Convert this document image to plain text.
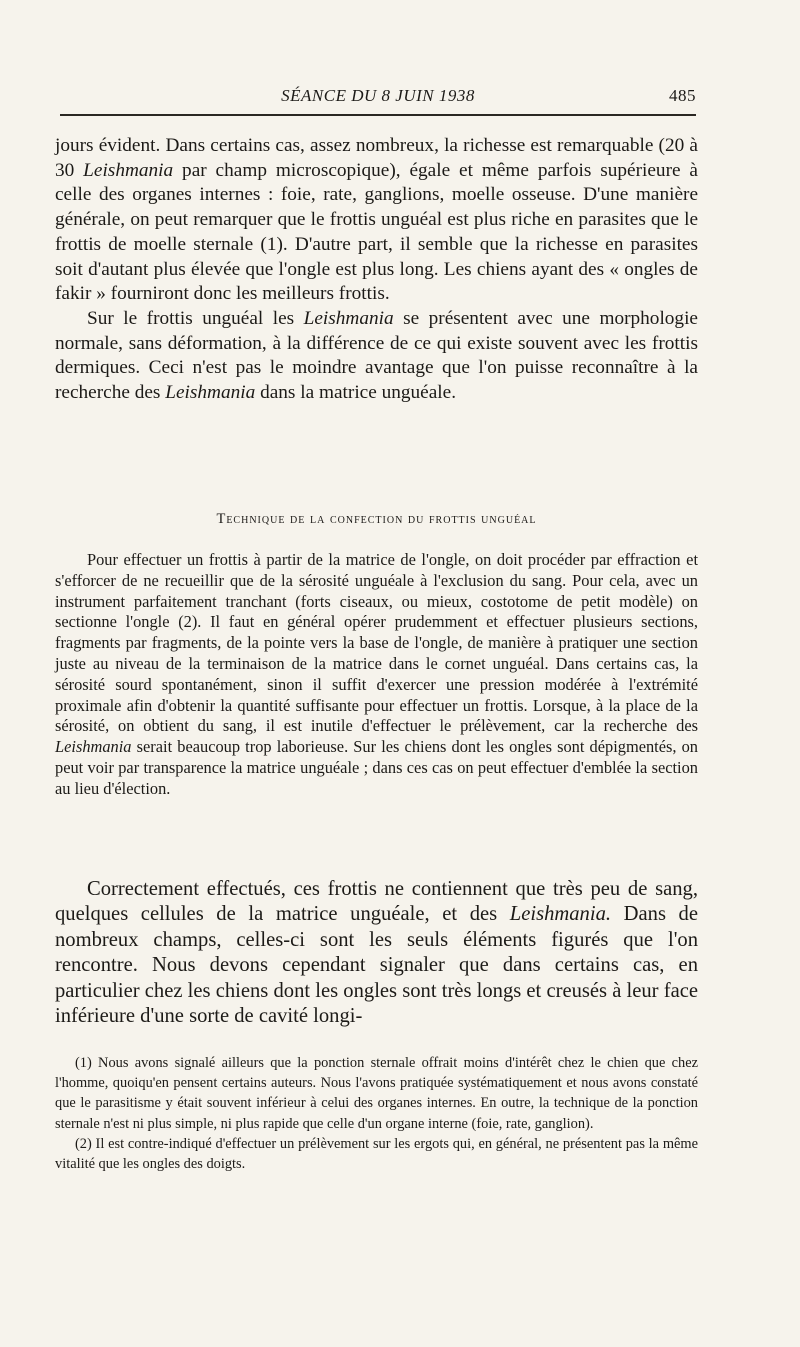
SÉANCE DU 8 JUIN 1938	485

jours évident. Dans certains cas, assez nombreux, la richesse est remarquable (20 à 30 Leishmania par champ microscopique), égale et même parfois supérieure à celle des organes internes : foie, rate, ganglions, moelle osseuse. D'une manière générale, on peut remarquer que le frottis unguéal est plus riche en parasites que le frottis de moelle sternale (1). D'autre part, il semble que la richesse en parasites soit d'autant plus élevée que l'ongle est plus long. Les chiens ayant des « ongles de fakir » fourniront donc les meilleurs frottis.

Sur le frottis unguéal les Leishmania se présentent avec une morphologie normale, sans déformation, à la différence de ce qui existe souvent avec les frottis dermiques. Ceci n'est pas le moindre avantage que l'on puisse reconnaître à la recherche des Leishmania dans la matrice unguéale.

Technique de la confection du frottis unguéal

Pour effectuer un frottis à partir de la matrice de l'ongle, on doit procéder par effraction et s'efforcer de ne recueillir que de la sérosité unguéale à l'exclusion du sang. Pour cela, avec un instrument parfaitement tranchant (forts ciseaux, ou mieux, costotome de petit modèle) on sectionne l'ongle (2). Il faut en général opérer prudemment et effectuer plusieurs sections, fragments par fragments, de la pointe vers la base de l'ongle, de manière à pratiquer une section juste au niveau de la terminaison de la matrice dans le cornet unguéal. Dans certains cas, la sérosité sourd spontanément, sinon il suffit d'exercer une pression modérée à l'extrémité proximale afin d'obtenir la quantité suffisante pour effectuer un frottis. Lorsque, à la place de la sérosité, on obtient du sang, il est inutile d'effectuer le prélèvement, car la recherche des Leishmania serait beaucoup trop laborieuse. Sur les chiens dont les ongles sont dépigmentés, on peut voir par transparence la matrice unguéale ; dans ces cas on peut effectuer d'emblée la section au lieu d'élection.

Correctement effectués, ces frottis ne contiennent que très peu de sang, quelques cellules de la matrice unguéale, et des Leishmania. Dans de nombreux champs, celles-ci sont les seuls éléments figurés que l'on rencontre. Nous devons cependant signaler que dans certains cas, en particulier chez les chiens dont les ongles sont très longs et creusés à leur face inférieure d'une sorte de cavité longi-

(1) Nous avons signalé ailleurs que la ponction sternale offrait moins d'intérêt chez le chien que chez l'homme, quoiqu'en pensent certains auteurs. Nous l'avons pratiquée systématiquement et nous avons constaté que le parasitisme y était souvent inférieur à celui des organes internes. En outre, la technique de la ponction sternale n'est ni plus simple, ni plus rapide que celle d'un organe interne (foie, rate, ganglion).

(2) Il est contre-indiqué d'effectuer un prélèvement sur les ergots qui, en général, ne présentent pas la même vitalité que les ongles des doigts.
